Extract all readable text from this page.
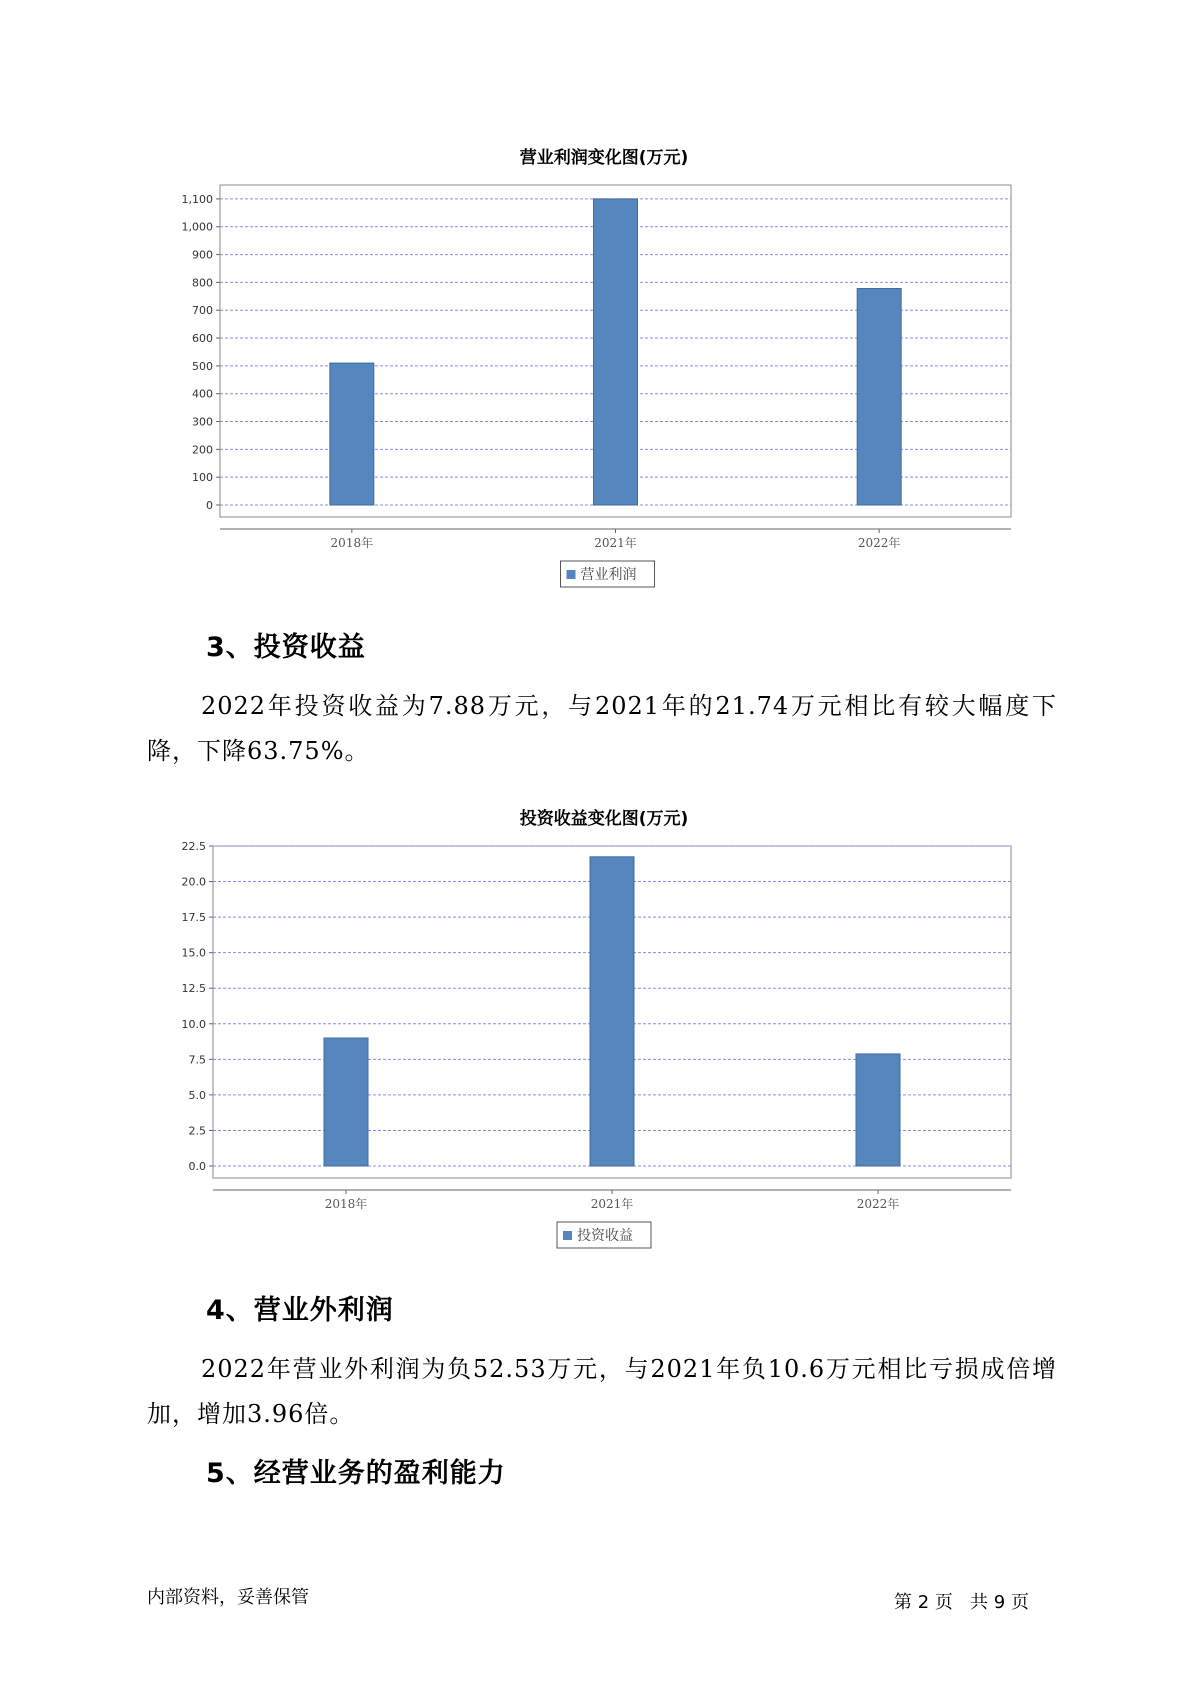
营业利润变化图(万元)
0
100
200
300
400
500
600
700
800
900
1,000
1,100
2018年	2021年	2022年
营业利润
3、投资收益
2022年投资收益为7.88万元，与2021年的21.74万元相比有较大幅度下降，下降63.75%。
投资收益变化图(万元)
0.0
2.5
5.0
7.5
10.0
12.5
15.0
17.5
20.0
22.5
2018年	2021年	2022年
投资收益
4、营业外利润
2022年营业外利润为负52.53万元，与2021年负10.6万元相比亏损成倍增加，增加3.96倍。
5、经营业务的盈利能力
内部资料，妥善保管	第 2 页   共 9 页
